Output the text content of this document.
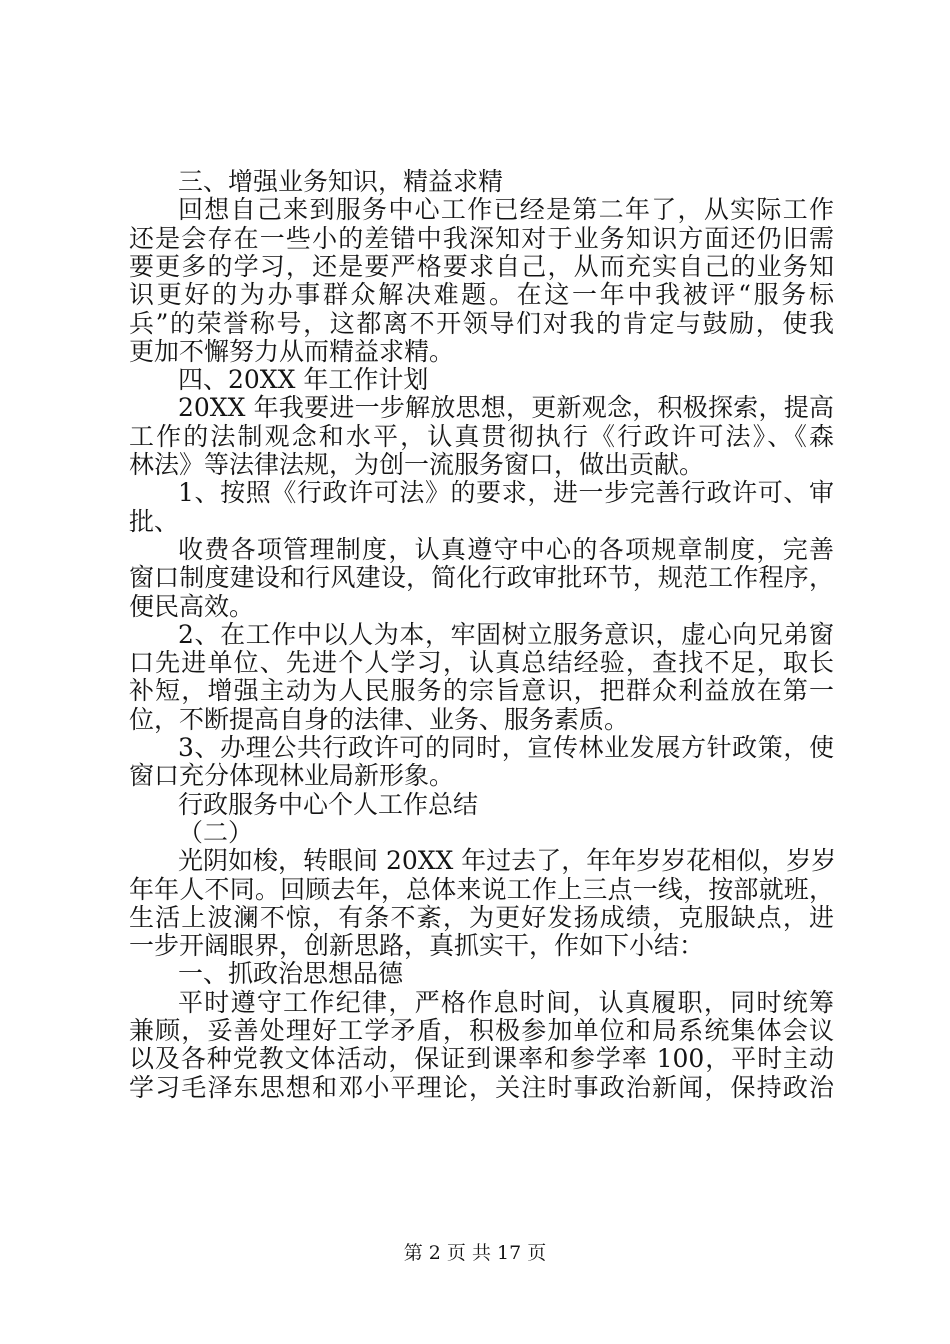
三、增强业务知识，精益求精
回想自己来到服务中心工作已经是第二年了，从实际工作
还是会存在一些小的差错中我深知对于业务知识方面还仍旧需
要更多的学习，还是要严格要求自己，从而充实自己的业务知
识更好的为办事群众解决难题。在这一年中我被评“服务标
兵”的荣誉称号，这都离不开领导们对我的肯定与鼓励，使我
更加不懈努力从而精益求精。
四、20XX 年工作计划
20XX 年我要进一步解放思想，更新观念，积极探索，提高
工作的法制观念和水平，认真贯彻执行《行政许可法》、《森
林法》等法律法规，为创一流服务窗口，做出贡献。
1、按照《行政许可法》的要求，进一步完善行政许可、审
批、
收费各项管理制度，认真遵守中心的各项规章制度，完善
窗口制度建设和行风建设，简化行政审批环节，规范工作程序，
便民高效。
2、在工作中以人为本，牢固树立服务意识，虚心向兄弟窗
口先进单位、先进个人学习，认真总结经验，查找不足，取长
补短，增强主动为人民服务的宗旨意识，把群众利益放在第一
位，不断提高自身的法律、业务、服务素质。
3、办理公共行政许可的同时，宣传林业发展方针政策，使
窗口充分体现林业局新形象。
行政服务中心个人工作总结
（二）
光阴如梭，转眼间 20XX 年过去了，年年岁岁花相似，岁岁
年年人不同。回顾去年，总体来说工作上三点一线，按部就班，
生活上波澜不惊，有条不紊，为更好发扬成绩，克服缺点，进
一步开阔眼界，创新思路，真抓实干，作如下小结：
一、抓政治思想品德
平时遵守工作纪律，严格作息时间，认真履职，同时统筹
兼顾，妥善处理好工学矛盾，积极参加单位和局系统集体会议
以及各种党教文体活动，保证到课率和参学率 100，平时主动
学习毛泽东思想和邓小平理论，关注时事政治新闻，保持政治
第 2 页 共 17 页
